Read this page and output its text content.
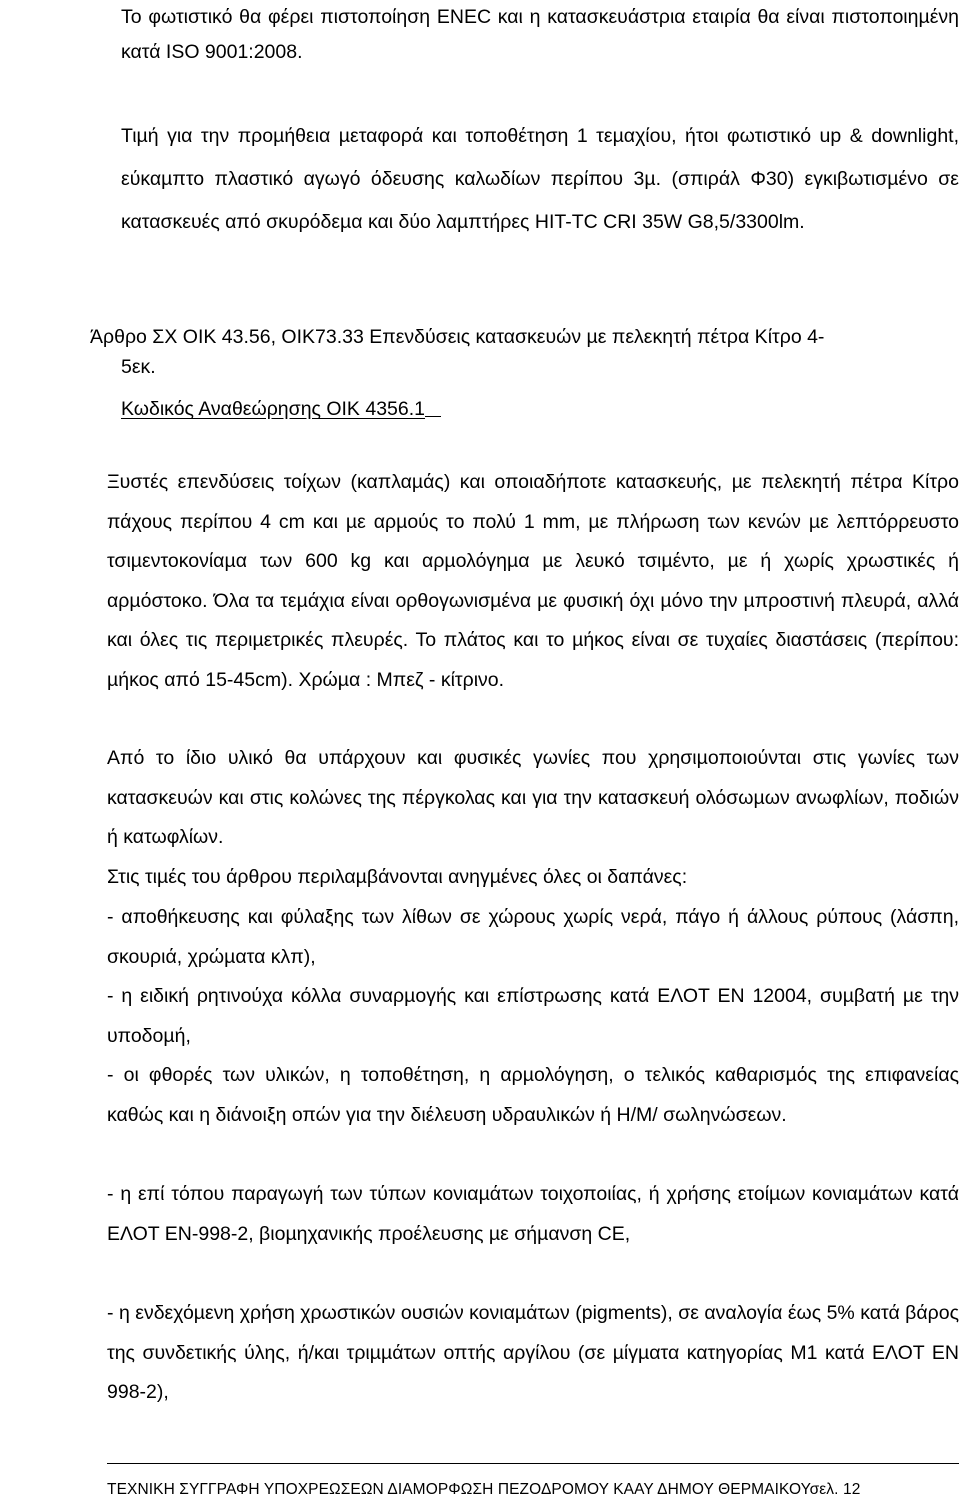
Το φωτιστικό θα φέρει πιστοποίηση ENEC και η κατασκευάστρια εταιρία θα είναι πιστοποιηµένη κατά ISO 9001:2008.

Τιµή για την προµήθεια µεταφορά και τοποθέτηση 1 τεµαχίου, ήτοι φωτιστικό up & downlight, εύκαµπτο πλαστικό αγωγό όδευσης καλωδίων περίπου 3µ. (σπιράλ Φ30) εγκιβωτισµένο σε κατασκευές από σκυρόδεµα και δύο λαµπτήρες HIT-TC CRI 35W G8,5/3300lm.

Άρθρο ΣΧ ΟΙΚ 43.56, ΟΙΚ73.33 Επενδύσεις κατασκευών µε πελεκητή πέτρα Κίτρο 4-
5εκ.
Κωδικός Αναθεώρησης ΟΙΚ 4356.1

Ξυστές επενδύσεις τοίχων (καπλαµάς) και οποιαδήποτε κατασκευής, µε πελεκητή πέτρα Κίτρο πάχους περίπου 4 cm και µε αρµούς το πολύ 1 mm, µε πλήρωση των κενών µε λεπτόρρευστο τσιµεντοκονίαµα των 600 kg και αρµολόγηµα µε λευκό τσιµέντο, µε ή χωρίς χρωστικές ή αρµόστοκο. Όλα τα τεµάχια είναι ορθογωνισµένα µε φυσική όχι µόνο την µπροστινή πλευρά, αλλά και όλες τις περιµετρικές πλευρές. Το πλάτος και το µήκος είναι σε τυχαίες διαστάσεις (περίπου: µήκος από 15-45cm). Χρώµα : Μπεζ - κίτρινο.

Από το ίδιο υλικό θα υπάρχουν και φυσικές γωνίες που χρησιµοποιούνται στις γωνίες των κατασκευών και στις κολώνες της πέργκολας και για την κατασκευή ολόσωµων ανωφλίων, ποδιών ή κατωφλίων.

Στις τιµές του άρθρου περιλαµβάνονται ανηγµένες όλες οι δαπάνες:

- αποθήκευσης και φύλαξης των λίθων σε χώρους χωρίς νερά, πάγο ή άλλους ρύπους (λάσπη, σκουριά, χρώµατα κλπ),

- η ειδική ρητινούχα κόλλα συναρµογής και επίστρωσης κατά ΕΛΟΤ ΕΝ 12004, συµβατή µε την υποδοµή,

- οι φθορές των υλικών, η τοποθέτηση, η αρµολόγηση, ο τελικός καθαρισµός της επιφανείας καθώς και η διάνοιξη οπών για την διέλευση υδραυλικών ή Η/Μ/ σωληνώσεων.

- η επί τόπου παραγωγή των τύπων κονιαµάτων τοιχοποιίας, ή χρήσης ετοίµων κονιαµάτων κατά ΕΛΟΤ ΕΝ-998-2, βιοµηχανικής προέλευσης µε σήµανση CE,

- η ενδεχόµενη χρήση χρωστικών ουσιών κονιαµάτων (pigments), σε αναλογία έως 5% κατά βάρος της συνδετικής ύλης, ή/και τριµµάτων οπτής αργίλου (σε µίγµατα κατηγορίας Μ1 κατά ΕΛΟΤ ΕΝ 998-2),

ΤΕΧΝΙΚΗ ΣΥΓΓΡΑΦΗ ΥΠΟΧΡΕΩΣΕΩΝ ΔΙΑΜΟΡΦΩΣΗ ΠΕΖΟΔΡΟΜΟΥ ΚΑΑΥ ΔΗΜΟΥ ΘΕΡΜΑΙΚΟΥσελ. 12
